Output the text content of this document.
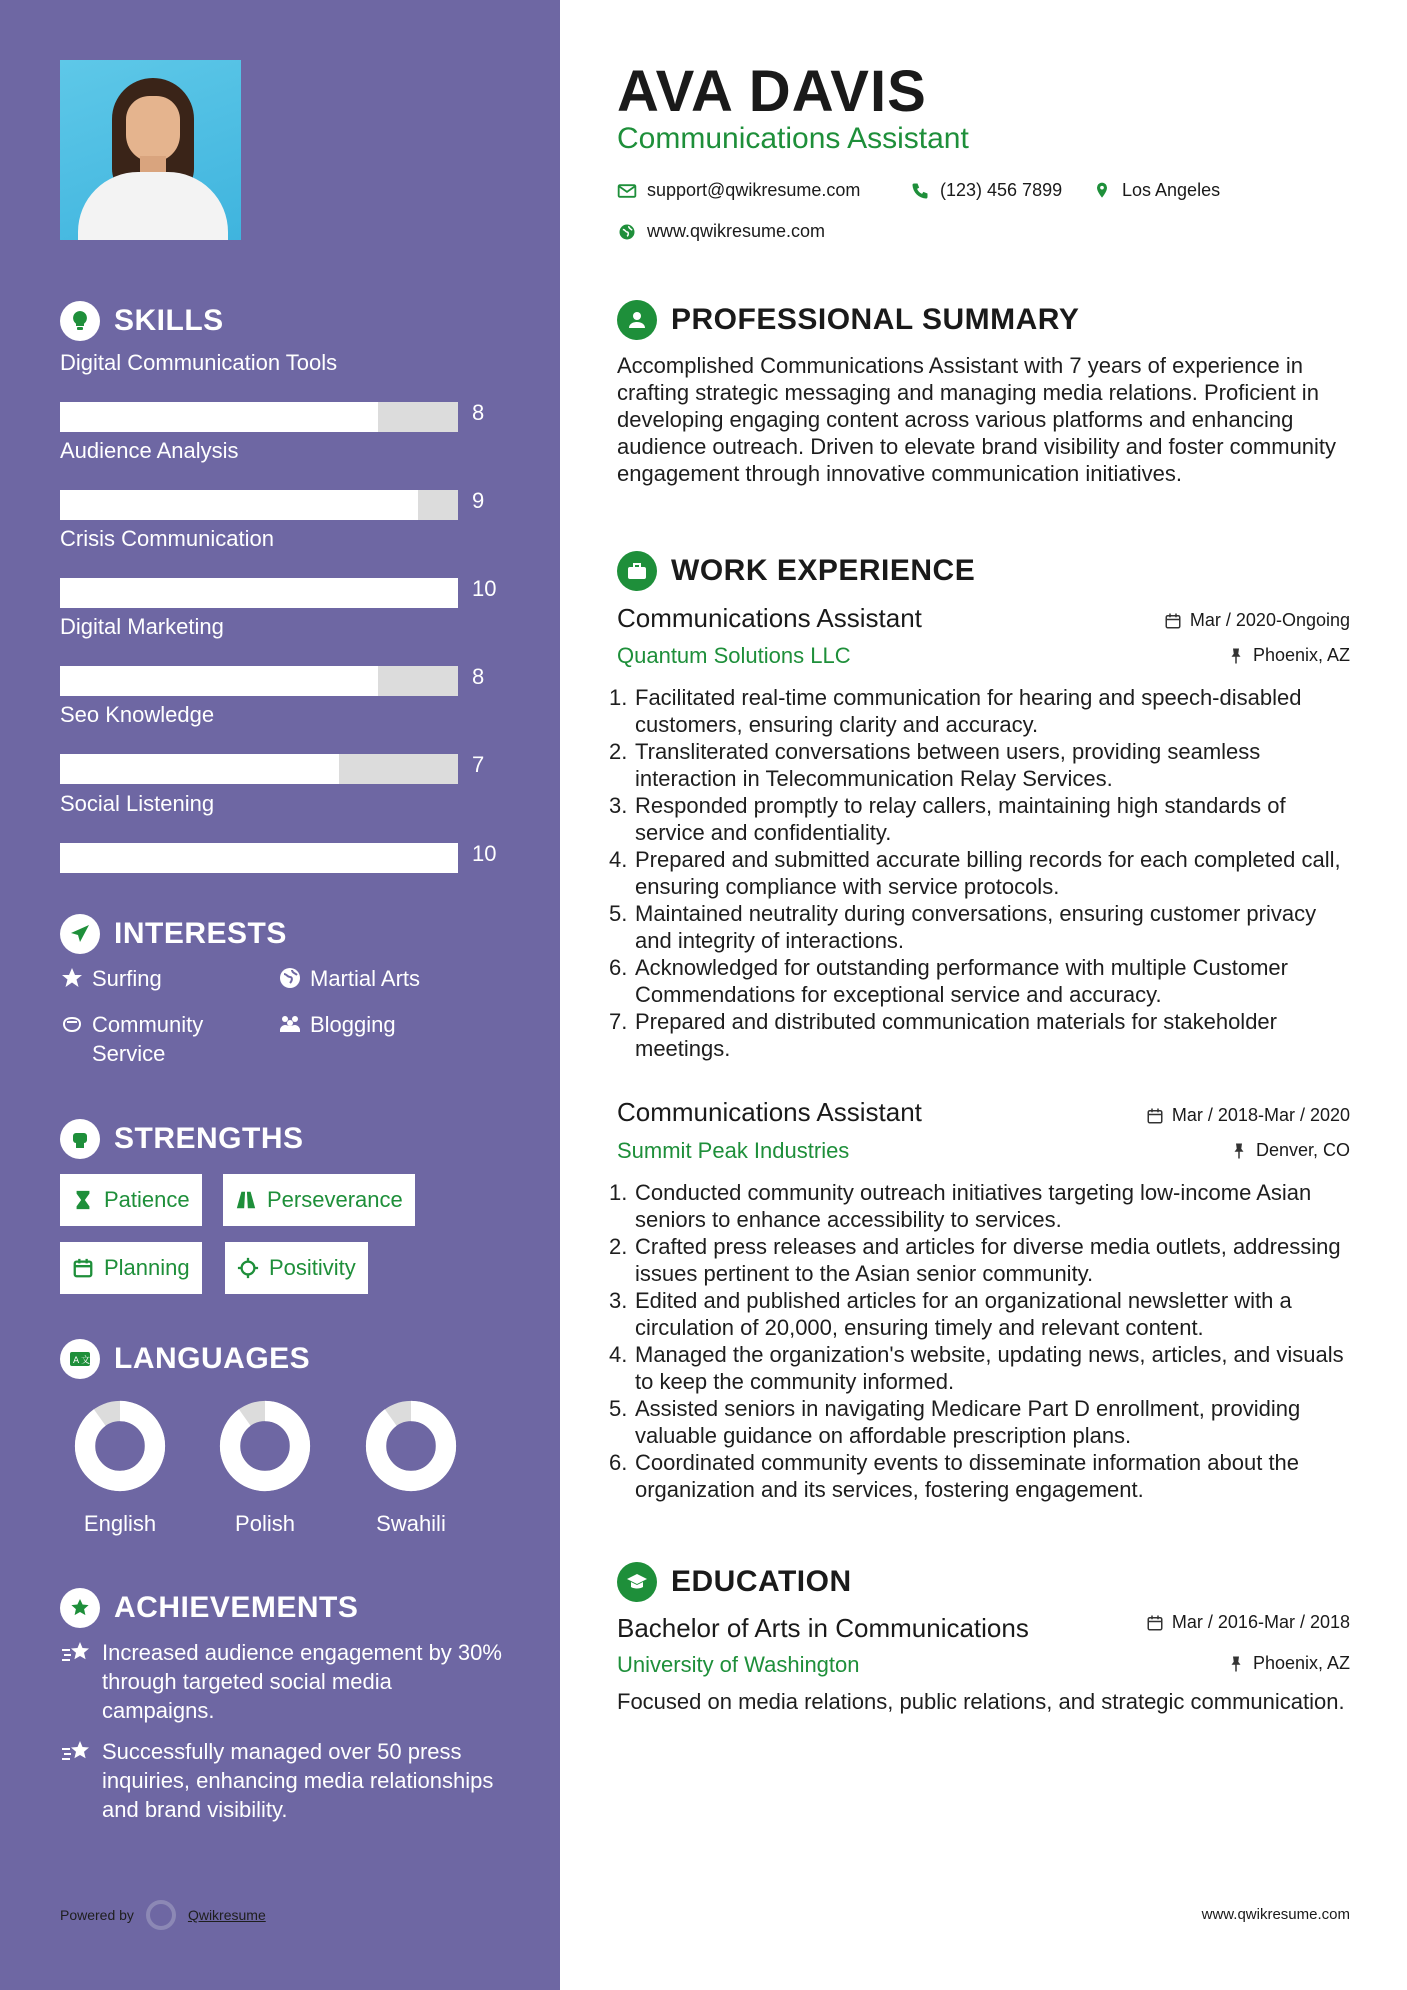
SKILLS
Digital Communication Tools
8
Audience Analysis
9
Crisis Communication
10
Digital Marketing
8
Seo Knowledge
7
Social Listening
10
INTERESTS
Surfing	Martial Arts
Community Service
Blogging
STRENGTHS
Patience	Perseverance
Planning	Positivity
A 文 LANGUAGES
English	Polish	Swahili
ACHIEVEMENTS
Increased audience engagement by 30% through targeted social media campaigns.
Successfully managed over 50 press inquiries, enhancing media relationships and brand visibility.
Powered by	Qwikresume
AVA DAVIS
Communications Assistant
support@qwikresume.com	(123) 456 7899	Los Angeles
www.qwikresume.com
PROFESSIONAL SUMMARY
Accomplished Communications Assistant with 7 years of experience in crafting strategic messaging and managing media relations. Proficient in developing engaging content across various platforms and enhancing audience outreach. Driven to elevate brand visibility and foster community engagement through innovative communication initiatives.
WORK EXPERIENCE
Communications Assistant	Mar / 2020-Ongoing
Quantum Solutions LLC	Phoenix, AZ
1. Facilitated real-time communication for hearing and speech-disabled customers, ensuring clarity and accuracy.
2. Transliterated conversations between users, providing seamless interaction in Telecommunication Relay Services.
3. Responded promptly to relay callers, maintaining high standards of service and confidentiality.
4. Prepared and submitted accurate billing records for each completed call, ensuring compliance with service protocols.
5. Maintained neutrality during conversations, ensuring customer privacy and integrity of interactions.
6. Acknowledged for outstanding performance with multiple Customer Commendations for exceptional service and accuracy.
7. Prepared and distributed communication materials for stakeholder meetings.
Communications Assistant	Mar / 2018-Mar / 2020
Summit Peak Industries	Denver, CO
1. Conducted community outreach initiatives targeting low-income Asian seniors to enhance accessibility to services.
2. Crafted press releases and articles for diverse media outlets, addressing issues pertinent to the Asian senior community.
3. Edited and published articles for an organizational newsletter with a circulation of 20,000, ensuring timely and relevant content.
4. Managed the organization's website, updating news, articles, and visuals to keep the community informed.
5. Assisted seniors in navigating Medicare Part D enrollment, providing valuable guidance on affordable prescription plans.
6. Coordinated community events to disseminate information about the organization and its services, fostering engagement.
EDUCATION
Bachelor of Arts in Communications	Mar / 2016-Mar / 2018
University of Washington	Phoenix, AZ
Focused on media relations, public relations, and strategic communication.
www.qwikresume.com
